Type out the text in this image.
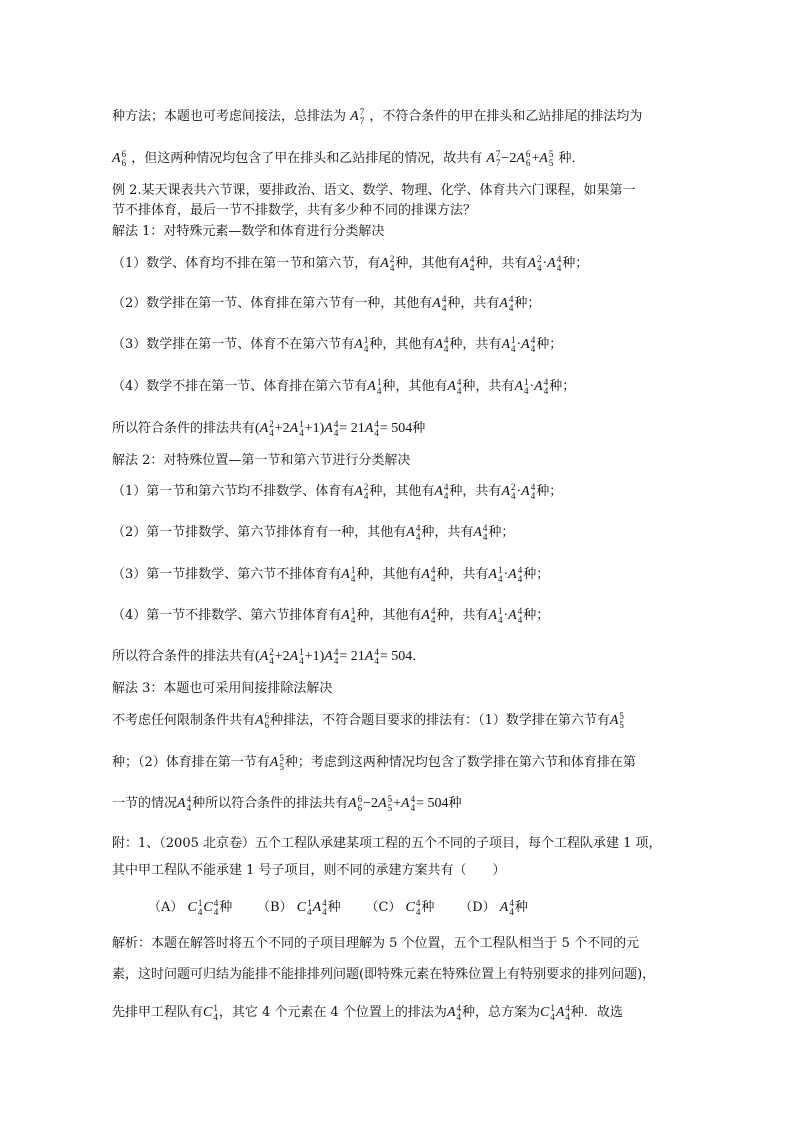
种方法；本题也可考虑间接法，总排法为 A 7
7 ，不符合条件的甲在排头和乙站排尾的排法均为
A 6
6 ，但这两种情况均包含了甲在排头和乙站排尾的情况，故共有 A 7
7 −2A 6
6 +A 5
5 种．
例 2.某天课表共六节课，要排政治、语文、数学、物理、化学、体育共六门课程，如果第一
节不排体育，最后一节不排数学，共有多少种不同的排课方法？
解法 1：对特殊元素—数学和体育进行分类解决
（1）数学、体育均不排在第一节和第六节，有A 2
4 种，其他有A 4
4 种，共有A 2
4 ·A 4
4 种；
（2）数学排在第一节、体育排在第六节有一种，其他有A 4
4 种，共有A 4
4 种；
（3）数学排在第一节、体育不在第六节有A 1
4 种，其他有A 4
4 种，共有A 1
4 ·A 4
4 种；
（4）数学不排在第一节、体育排在第六节有A 1
4 种，其他有A 4
4 种，共有A 1
4 ·A 4
4 种；
所以符合条件的排法共有(A 2
4 +2A 1
4 +1)A 4
4 = 21A 4
4 = 504种
解法 2：对特殊位置—第一节和第六节进行分类解决
（1）第一节和第六节均不排数学、体育有A 2
4 种，其他有A 4
4 种，共有A 2
4 ·A 4
4 种；
（2）第一节排数学、第六节排体育有一种，其他有A 4
4 种，共有A 4
4 种；
（3）第一节排数学、第六节不排体育有A 1
4 种，其他有A 4
4 种，共有A 1
4 ·A 4
4 种；
（4）第一节不排数学、第六节排体育有A 1
4 种，其他有A 4
4 种，共有A 1
4 ·A 4
4 种；
所以符合条件的排法共有(A 2
4 +2A 1
4 +1)A 4
4 = 21A 4
4 = 504．
解法 3：本题也可采用间接排除法解决
不考虑任何限制条件共有A 6
6 种排法，不符合题目要求的排法有：（1）数学排在第六节有A 5
5
种；（2）体育排在第一节有A 5
5 种；考虑到这两种情况均包含了数学排在第六节和体育排在第
一节的情况A 4
4 种所以符合条件的排法共有A 6
6 −2A 5
5 +A 4
4 = 504种
附：1、（2005 北京卷）五个工程队承建某项工程的五个不同的子项目，每个工程队承建 1 项，
其中甲工程队不能承建 1 号子项目，则不同的承建方案共有（　　）
（A） C 1
4 C 4
4 种 （B） C 1
4 A 4
4 种 （C） C 4
4 种 （D） A 4
4 种
解析：本题在解答时将五个不同的子项目理解为 5 个位置，五个工程队相当于 5 个不同的元
素，这时问题可归结为能排不能排排列问题(即特殊元素在特殊位置上有特别要求的排列问题)，
先排甲工程队有C 1
4 ，其它 4 个元素在 4 个位置上的排法为A 4
4 种，总方案为C 1
4 A 4
4 种．故选
